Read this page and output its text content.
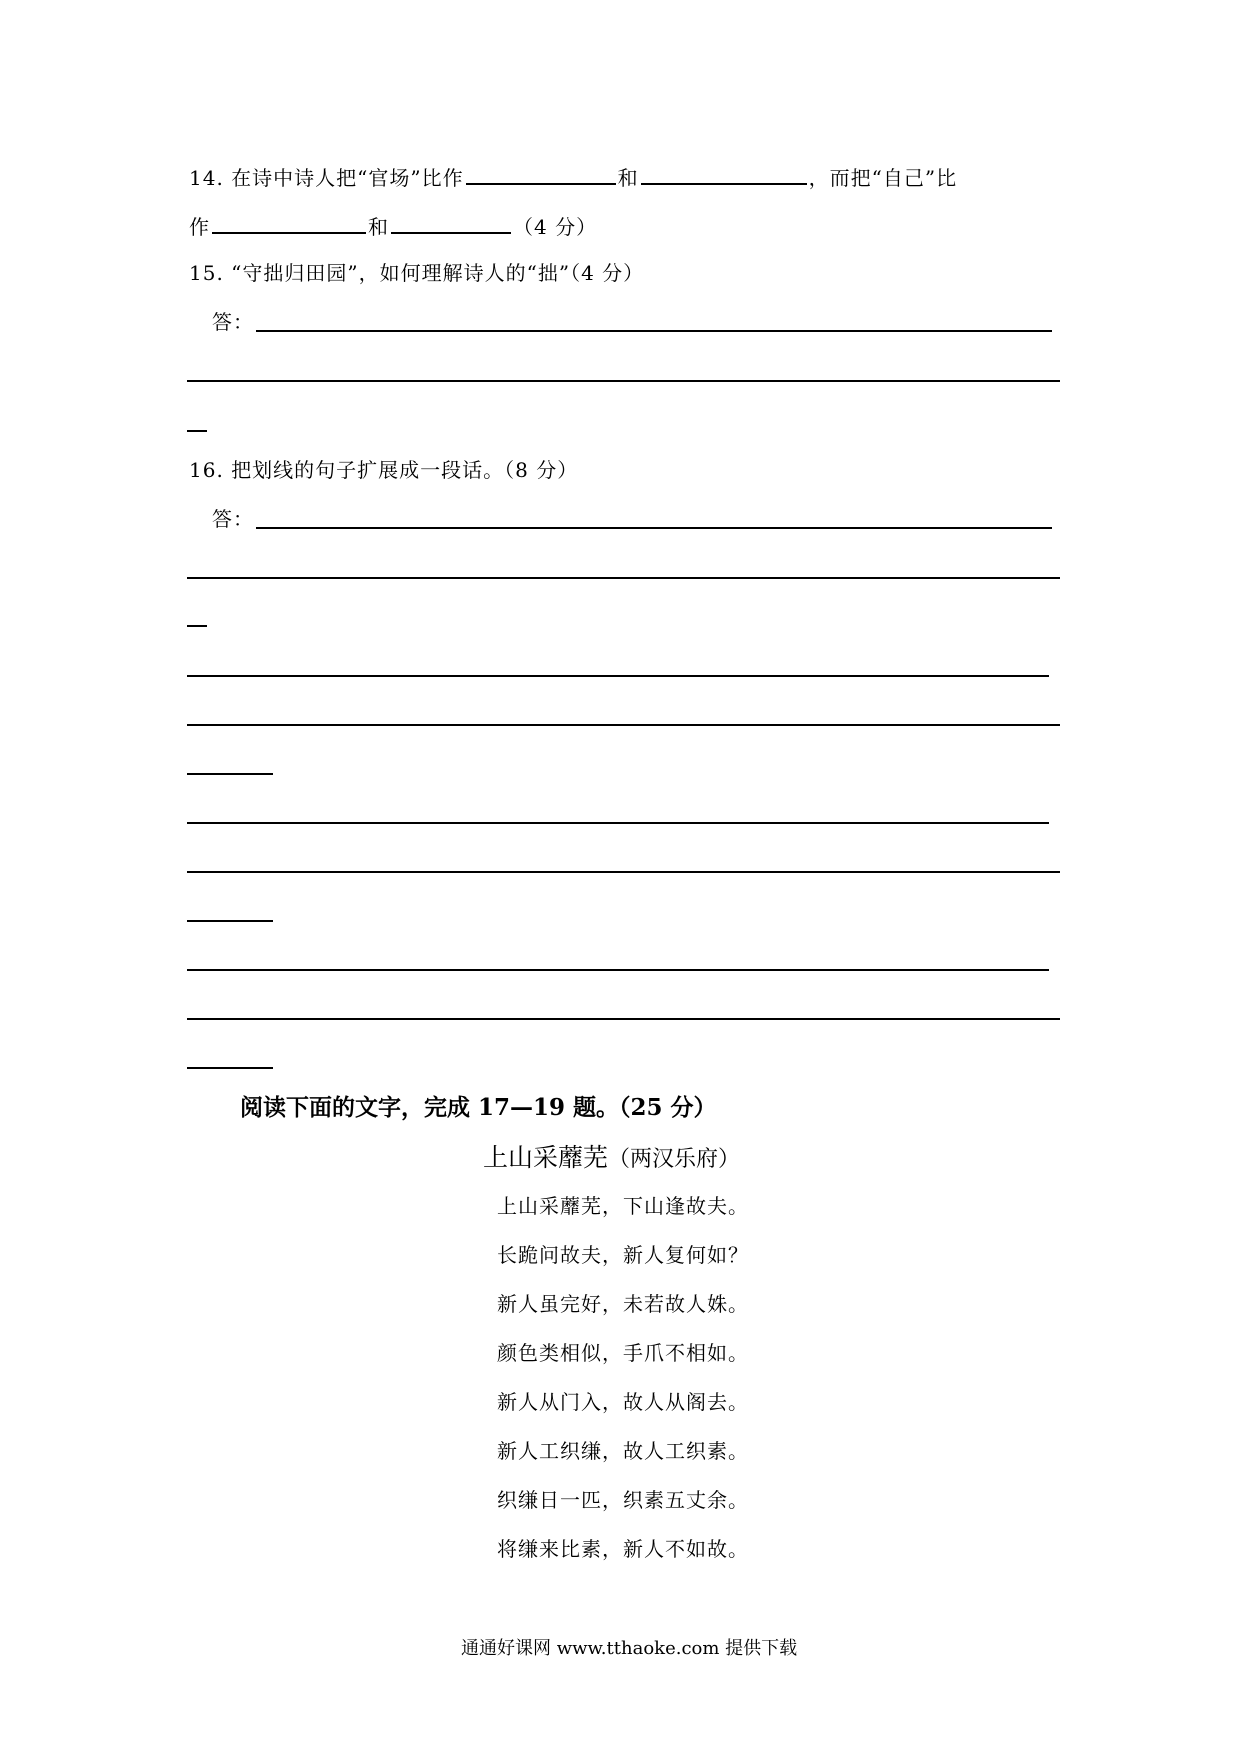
14. 在诗中诗人把“官场”比作	和	，而把“自己”比
作	和	（4 分）
15. “守拙归田园”，如何理解诗人的“拙”（4 分）
答：
16. 把划线的句子扩展成一段话。（8 分）
答：
阅读下面的文字，完成 17—19 题。（25 分）
上山采蘼芜（两汉乐府）
上山采蘼芜，下山逢故夫。
长跪问故夫，新人复何如？
新人虽完好，未若故人姝。
颜色类相似，手爪不相如。
新人从门入，故人从阁去。
新人工织缣，故人工织素。
织缣日一匹，织素五丈余。
将缣来比素，新人不如故。
通通好课网 www.tthaoke.com 提供下载
